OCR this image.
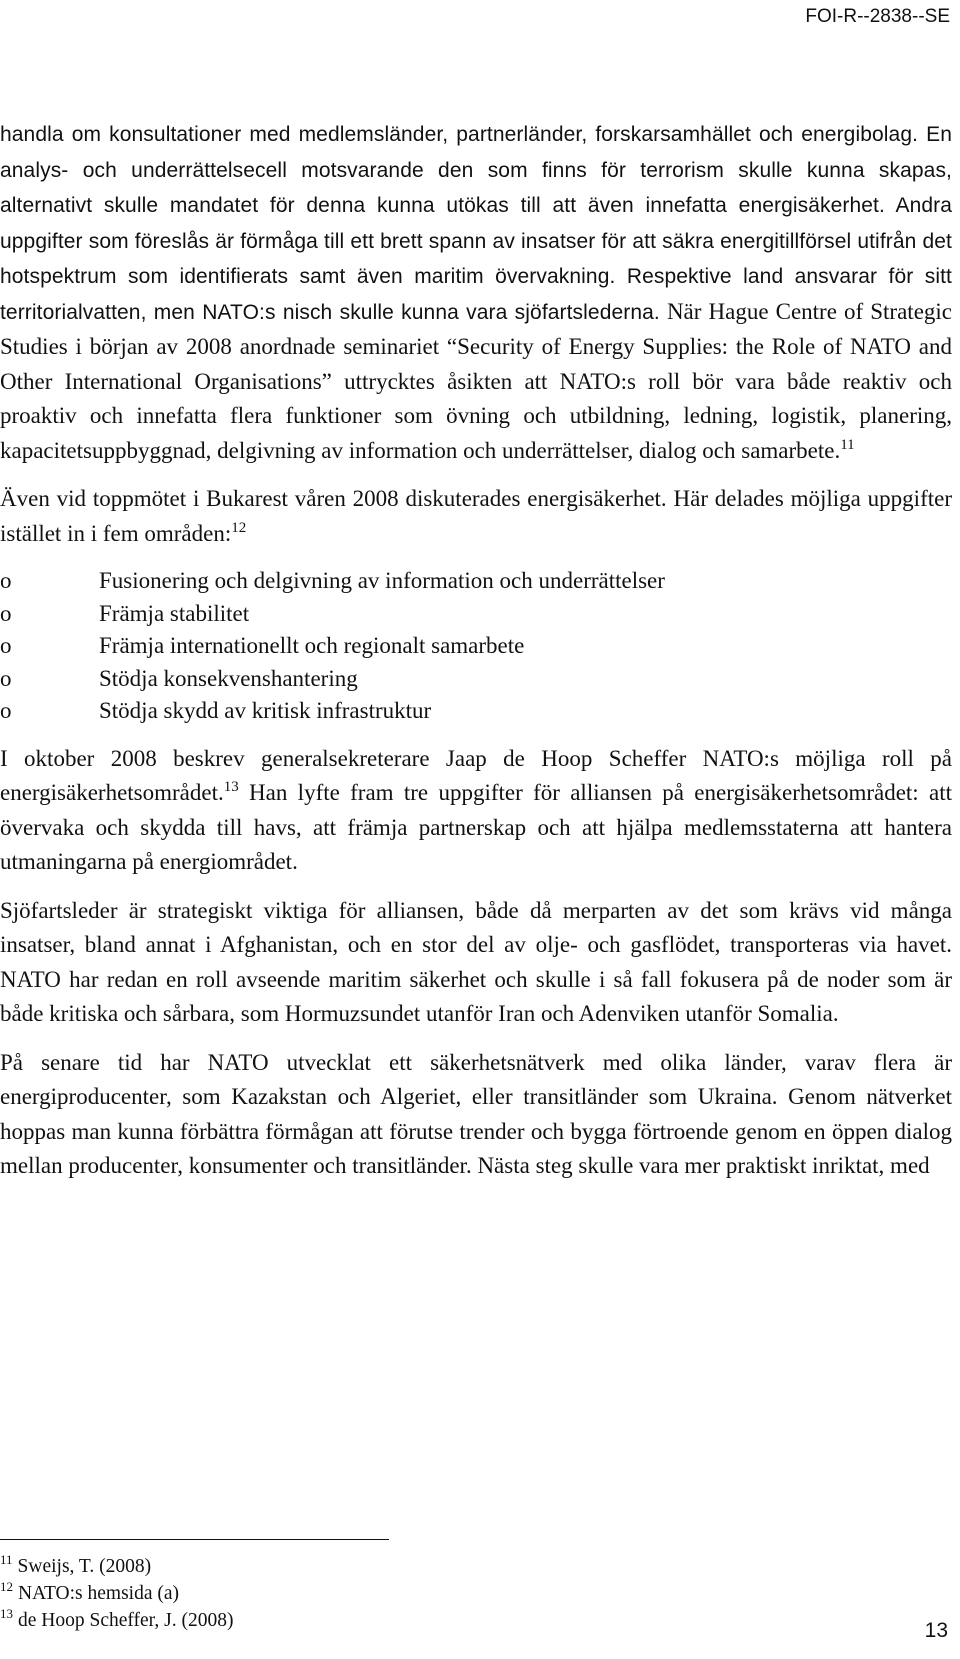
FOI-R--2838--SE

handla om konsultationer med medlemsländer, partnerländer, forskarsamhället och energibolag. En analys- och underrättelsecell motsvarande den som finns för terrorism skulle kunna skapas, alternativt skulle mandatet för denna kunna utökas till att även innefatta energisäkerhet. Andra uppgifter som föreslås är förmåga till ett brett spann av insatser för att säkra energitillförsel utifrån det hotspektrum som identifierats samt även maritim övervakning. Respektive land ansvarar för sitt territorialvatten, men NATO:s nisch skulle kunna vara sjöfartslederna. När Hague Centre of Strategic Studies i början av 2008 anordnade seminariet “Security of Energy Supplies: the Role of NATO and Other International Organisations” uttrycktes åsikten att NATO:s roll bör vara både reaktiv och proaktiv och innefatta flera funktioner som övning och utbildning, ledning, logistik, planering, kapacitetsuppbyggnad, delgivning av information och underrättelser, dialog och samarbete.$^{11}$

Även vid toppmötet i Bukarest våren 2008 diskuterades energisäkerhet. Här delades möjliga uppgifter istället in i fem områden:$^{12}$

o	Fusionering och delgivning av information och underrättelser
o	Främja stabilitet
o	Främja internationellt och regionalt samarbete
o	Stödja konsekvenshantering
o	Stödja skydd av kritisk infrastruktur

I oktober 2008 beskrev generalsekreterare Jaap de Hoop Scheffer NATO:s möjliga roll på energisäkerhetsområdet.$^{13}$ Han lyfte fram tre uppgifter för alliansen på energisäkerhetsområdet: att övervaka och skydda till havs, att främja partnerskap och att hjälpa medlemsstaterna att hantera utmaningarna på energiområdet.

Sjöfartsleder är strategiskt viktiga för alliansen, både då merparten av det som krävs vid många insatser, bland annat i Afghanistan, och en stor del av olje- och gasflödet, transporteras via havet. NATO har redan en roll avseende maritim säkerhet och skulle i så fall fokusera på de noder som är både kritiska och sårbara, som Hormuzsundet utanför Iran och Adenviken utanför Somalia.

På senare tid har NATO utvecklat ett säkerhetsnätverk med olika länder, varav flera är energiproducenter, som Kazakstan och Algeriet, eller transitländer som Ukraina. Genom nätverket hoppas man kunna förbättra förmågan att förutse trender och bygga förtroende genom en öppen dialog mellan producenter, konsumenter och transitländer. Nästa steg skulle vara mer praktiskt inriktat, med

$^{11}$ Sweijs, T. (2008)
$^{12}$ NATO:s hemsida (a)
$^{13}$ de Hoop Scheffer, J. (2008)	13
